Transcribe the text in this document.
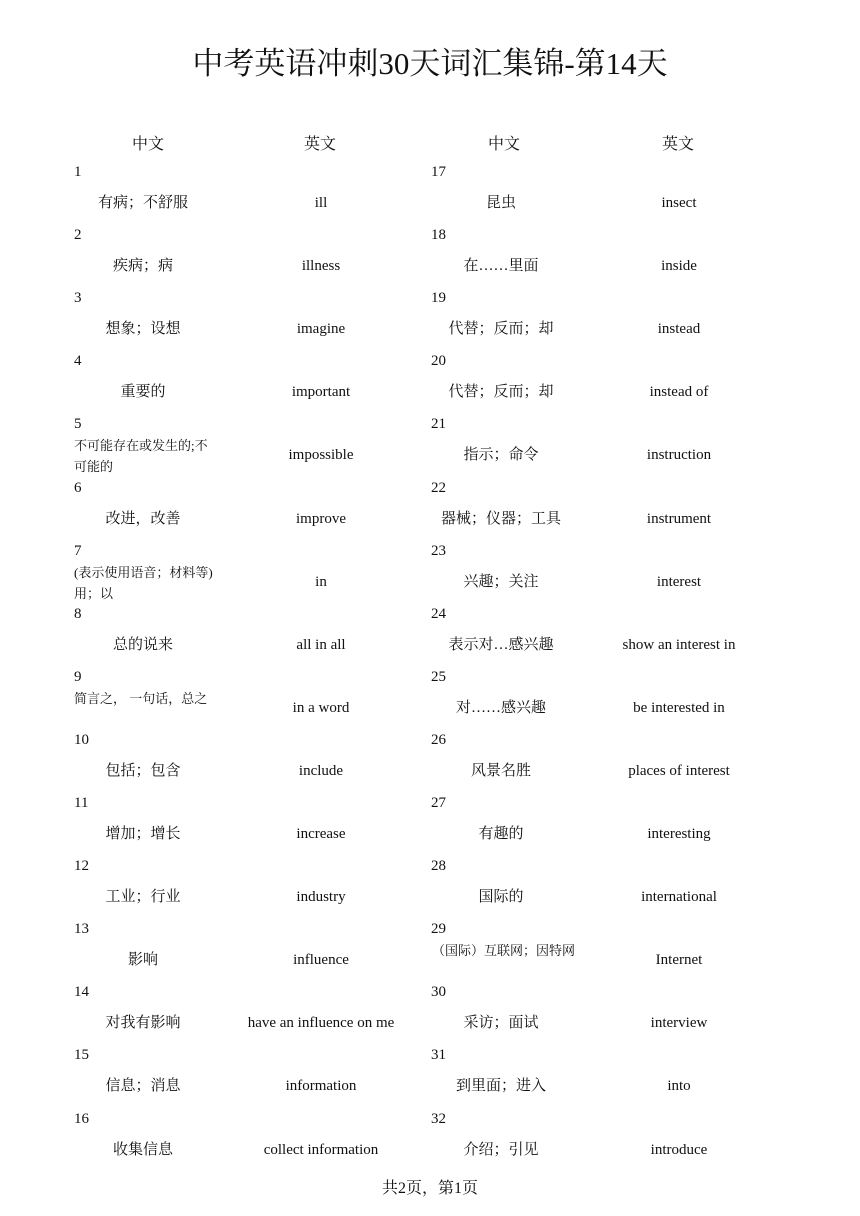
中考英语冲刺30天词汇集锦-第14天
中文	英文	中文	英文
1
有病；不舒服	ill
2
疾病；病	illness
3
想象；设想	imagine
4
重要的	important
5
不可能存在或发生的;不可能的
impossible
6
改进，改善	improve
7
(表示使用语音；材料等)用；以
in
8
总的说来	all in all
9
简言之， 一句话，总之
in a word
10
包括；包含	include
11
增加；增长	increase
12
工业；行业	industry
13
影响	influence
14
对我有影响	have an influence on me
15
信息；消息	information
16
收集信息	collect information
17
昆虫	insect
18
在……里面	inside
19
代替；反而；却	instead
20
代替；反而；却	instead of
21
指示；命令	instruction
22
器械；仪器；工具	instrument
23
兴趣；关注	interest
24
表示对…感兴趣	show an interest in
25
对……感兴趣	be interested in
26
风景名胜	places of interest
27
有趣的	interesting
28
国际的	international
29
（国际）互联网；因特网
Internet
30
采访；面试	interview
31
到里面；进入	into
32
介绍；引见	introduce
共2页，第1页
